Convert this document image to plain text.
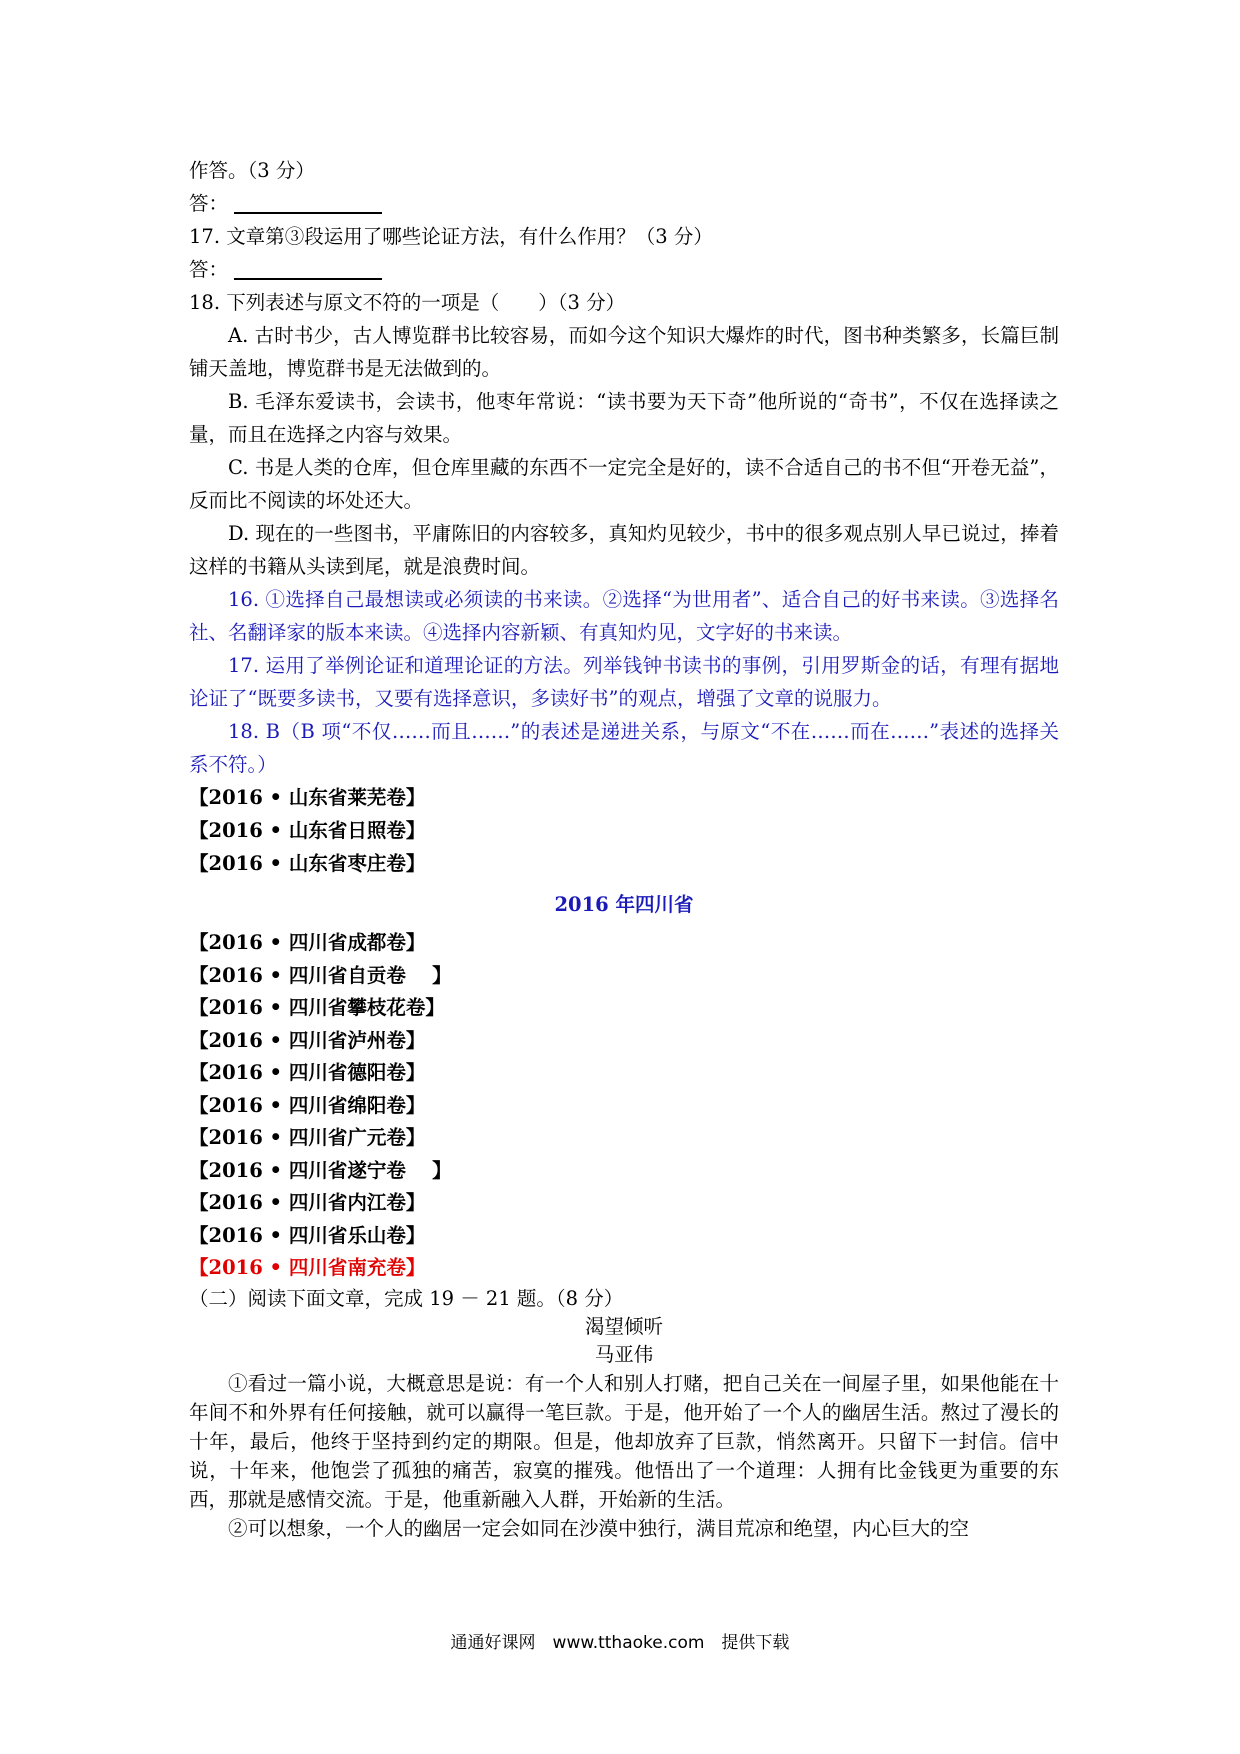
作答。（3 分）

答：

17. 文章第③段运用了哪些论证方法，有什么作用？（3 分）

答：

18. 下列表述与原文不符的一项是（　　）（3 分）

A. 古时书少，古人博览群书比较容易，而如今这个知识大爆炸的时代，图书种类繁多，长篇巨制铺天盖地，博览群书是无法做到的。

B. 毛泽东爱读书，会读书，他枣年常说：“读书要为天下奇”他所说的“奇书”，不仅在选择读之量，而且在选择之内容与效果。

C. 书是人类的仓库，但仓库里藏的东西不一定完全是好的，读不合适自己的书不但“开卷无益”，反而比不阅读的坏处还大。

D. 现在的一些图书，平庸陈旧的内容较多，真知灼见较少，书中的很多观点别人早已说过，捧着这样的书籍从头读到尾，就是浪费时间。

16. ①选择自己最想读或必须读的书来读。②选择“为世用者”、适合自己的好书来读。③选择名社、名翻译家的版本来读。④选择内容新颖、有真知灼见，文字好的书来读。

17. 运用了举例论证和道理论证的方法。列举钱钟书读书的事例，引用罗斯金的话，有理有据地论证了“既要多读书，又要有选择意识，多读好书”的观点，增强了文章的说服力。

18. B（B 项“不仅……而且……”的表述是递进关系，与原文“不在……而在……”表述的选择关系不符。）

【2016 • 山东省莱芜卷】

【2016 • 山东省日照卷】

【2016 • 山东省枣庄卷】

2016 年四川省

【2016 • 四川省成都卷】

【2016 • 四川省自贡卷　 】

【2016 • 四川省攀枝花卷】

【2016 • 四川省泸州卷】

【2016 • 四川省德阳卷】

【2016 • 四川省绵阳卷】

【2016 • 四川省广元卷】

【2016 • 四川省遂宁卷　 】

【2016 • 四川省内江卷】

【2016 • 四川省乐山卷】

【2016 • 四川省南充卷】

（二）阅读下面文章，完成 19 － 21 题。（8 分）

渴望倾听

马亚伟

①看过一篇小说，大概意思是说：有一个人和别人打赌，把自己关在一间屋子里，如果他能在十年间不和外界有任何接触，就可以赢得一笔巨款。于是，他开始了一个人的幽居生活。熬过了漫长的十年，最后，他终于坚持到约定的期限。但是，他却放弃了巨款，悄然离开。只留下一封信。信中说，十年来，他饱尝了孤独的痛苦，寂寞的摧残。他悟出了一个道理：人拥有比金钱更为重要的东西，那就是感情交流。于是，他重新融入人群，开始新的生活。

②可以想象，一个人的幽居一定会如同在沙漠中独行，满目荒凉和绝望，内心巨大的空

通通好课网　www.tthaoke.com　提供下载
